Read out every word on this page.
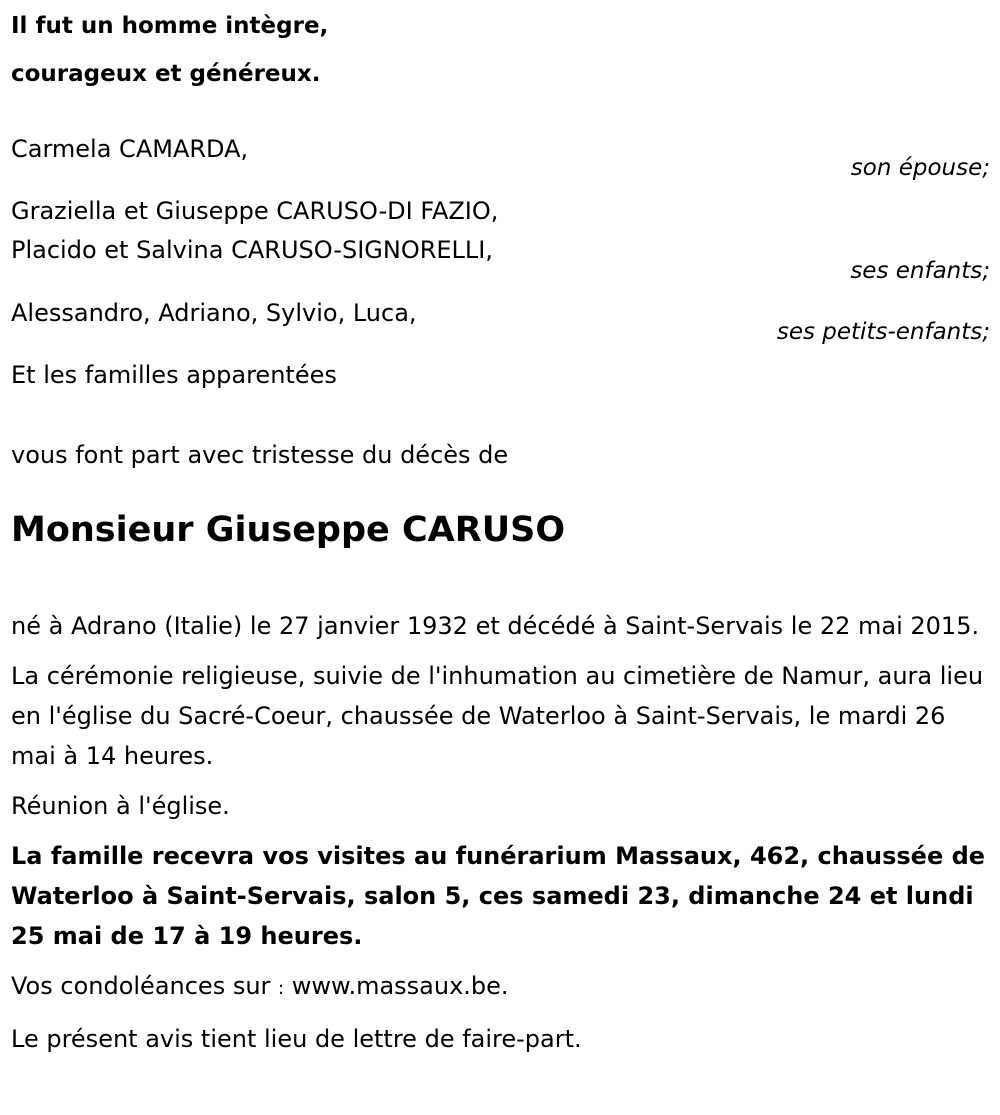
Il fut un homme intègre,
courageux et généreux.
Carmela CAMARDA,
son épouse;
Graziella et Giuseppe CARUSO-DI FAZIO,
Placido et Salvina CARUSO-SIGNORELLI,
ses enfants;
Alessandro, Adriano, Sylvio, Luca,
ses petits-enfants;
Et les familles apparentées
vous font part avec tristesse du décès de
Monsieur Giuseppe CARUSO

né à Adrano (Italie) le 27 janvier 1932 et décédé à Saint-Servais le 22 mai 2015.

La cérémonie religieuse, suivie de l'inhumation au cimetière de Namur, aura lieu en l'église du Sacré-Coeur, chaussée de Waterloo à Saint-Servais, le mardi 26 mai à 14 heures.

Réunion à l'église.

La famille recevra vos visites au funérarium Massaux, 462, chaussée de Waterloo à Saint-Servais, salon 5, ces samedi 23, dimanche 24 et lundi 25 mai de 17 à 19 heures.

Vos condoléances sur : www.massaux.be.

Le présent avis tient lieu de lettre de faire-part.
